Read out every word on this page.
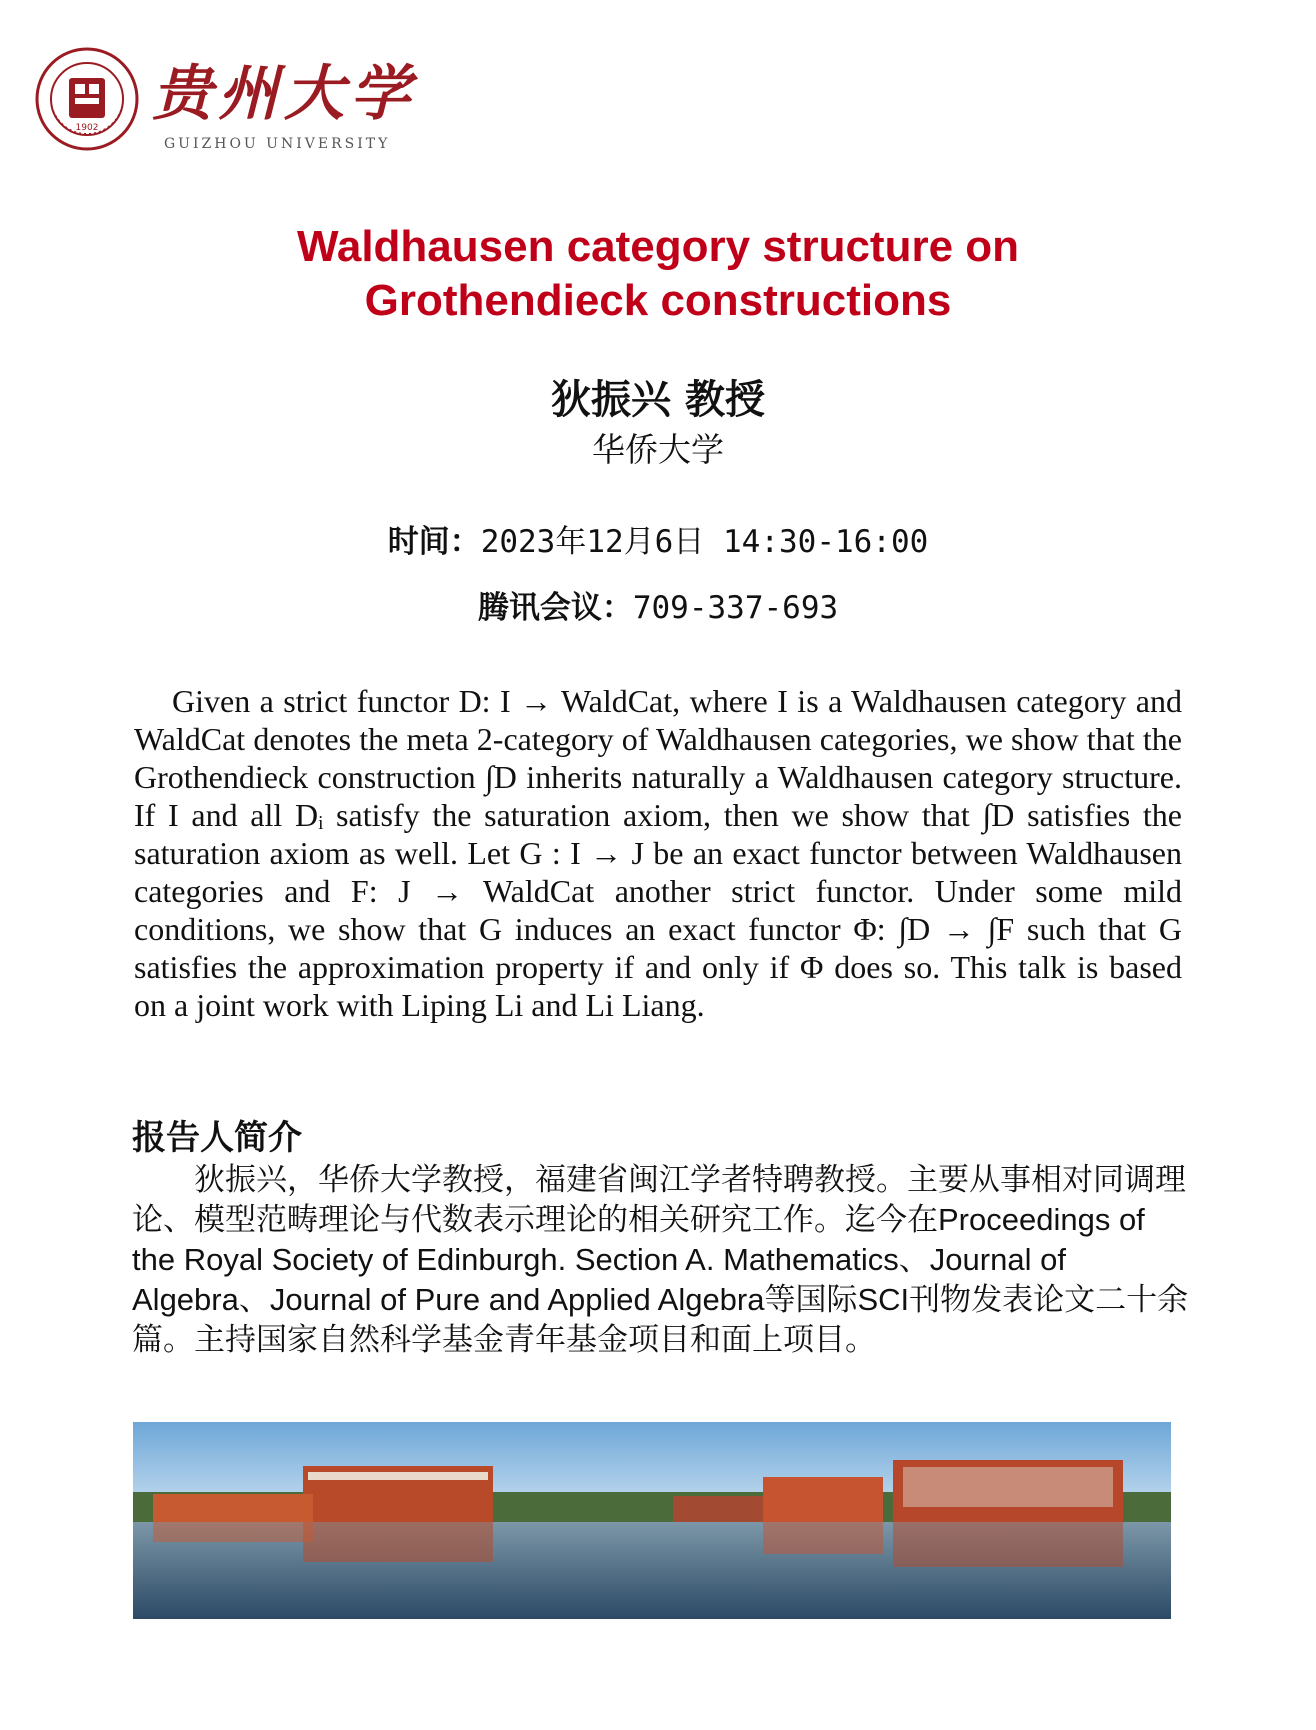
1902 贵州大学
GUIZHOU UNIVERSITY
Waldhausen category structure on
Grothendieck constructions
狄振兴 教授
华侨大学
时间：2023年12月6日 14:30-16:00
腾讯会议：709-337-693

Given a strict functor D: I → WaldCat, where I is a Waldhausen category and WaldCat denotes the meta 2-category of Waldhausen categories, we show that the Grothendieck construction ∫D inherits naturally a Waldhausen category structure. If I and all Dᵢ satisfy the saturation axiom, then we show that ∫D satisfies the saturation axiom as well. Let G : I → J be an exact functor between Waldhausen categories and F: J → WaldCat another strict functor. Under some mild conditions, we show that G induces an exact functor Φ: ∫D → ∫F such that G satisfies the approximation property if and only if Φ does so. This talk is based on a joint work with Liping Li and Li Liang.

报告人简介

狄振兴，华侨大学教授，福建省闽江学者特聘教授。主要从事相对同调理论、模型范畴理论与代数表示理论的相关研究工作。迄今在Proceedings of the Royal Society of Edinburgh. Section A. Mathematics、Journal of Algebra、Journal of Pure and Applied Algebra等国际SCI刊物发表论文二十余篇。主持国家自然科学基金青年基金项目和面上项目。
